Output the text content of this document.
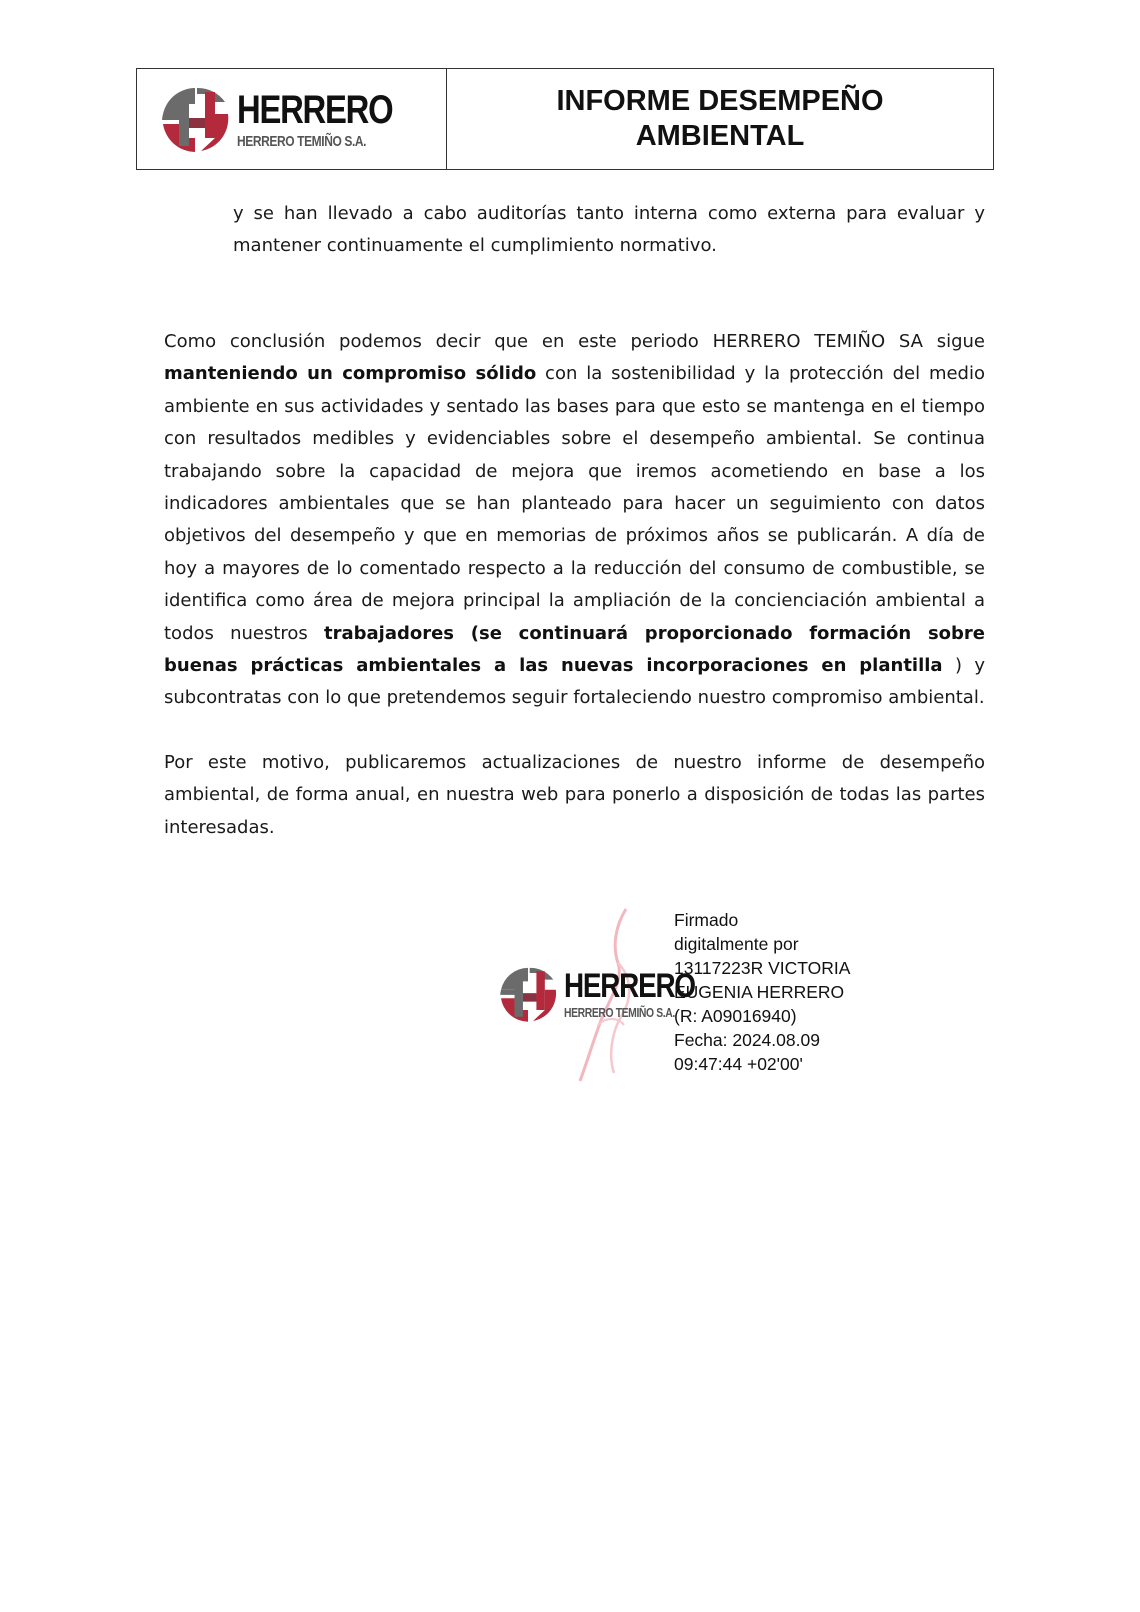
HERRERO
HERRERO TEMIÑO S.A.
INFORME DESEMPEÑO
AMBIENTAL

y se han llevado a cabo auditorías tanto interna como externa para evaluar y mantener continuamente el cumplimiento normativo.

Como conclusión podemos decir que en este periodo HERRERO TEMIÑO SA sigue manteniendo un compromiso sólido con la sostenibilidad y la protección del medio ambiente en sus actividades y sentado las bases para que esto se mantenga en el tiempo con resultados medibles y evidenciables sobre el desempeño ambiental. Se continua trabajando sobre la capacidad de mejora que iremos acometiendo en base a los indicadores ambientales que se han planteado para hacer un seguimiento con datos objetivos del desempeño y que en memorias de próximos años se publicarán. A día de hoy a mayores de lo comentado respecto a la reducción del consumo de combustible, se identifica como área de mejora principal la ampliación de la concienciación ambiental a todos nuestros trabajadores (se continuará proporcionado formación sobre buenas prácticas ambientales a las nuevas incorporaciones en plantilla ) y subcontratas con lo que pretendemos seguir fortaleciendo nuestro compromiso ambiental.

Por este motivo, publicaremos actualizaciones de nuestro informe de desempeño ambiental, de forma anual, en nuestra web para ponerlo a disposición de todas las partes interesadas.

HERRERO
HERRERO TEMIÑO S.A.
Firmado
digitalmente por
13117223R VICTORIA
EUGENIA HERRERO
(R: A09016940)
Fecha: 2024.08.09
09:47:44 +02'00'
